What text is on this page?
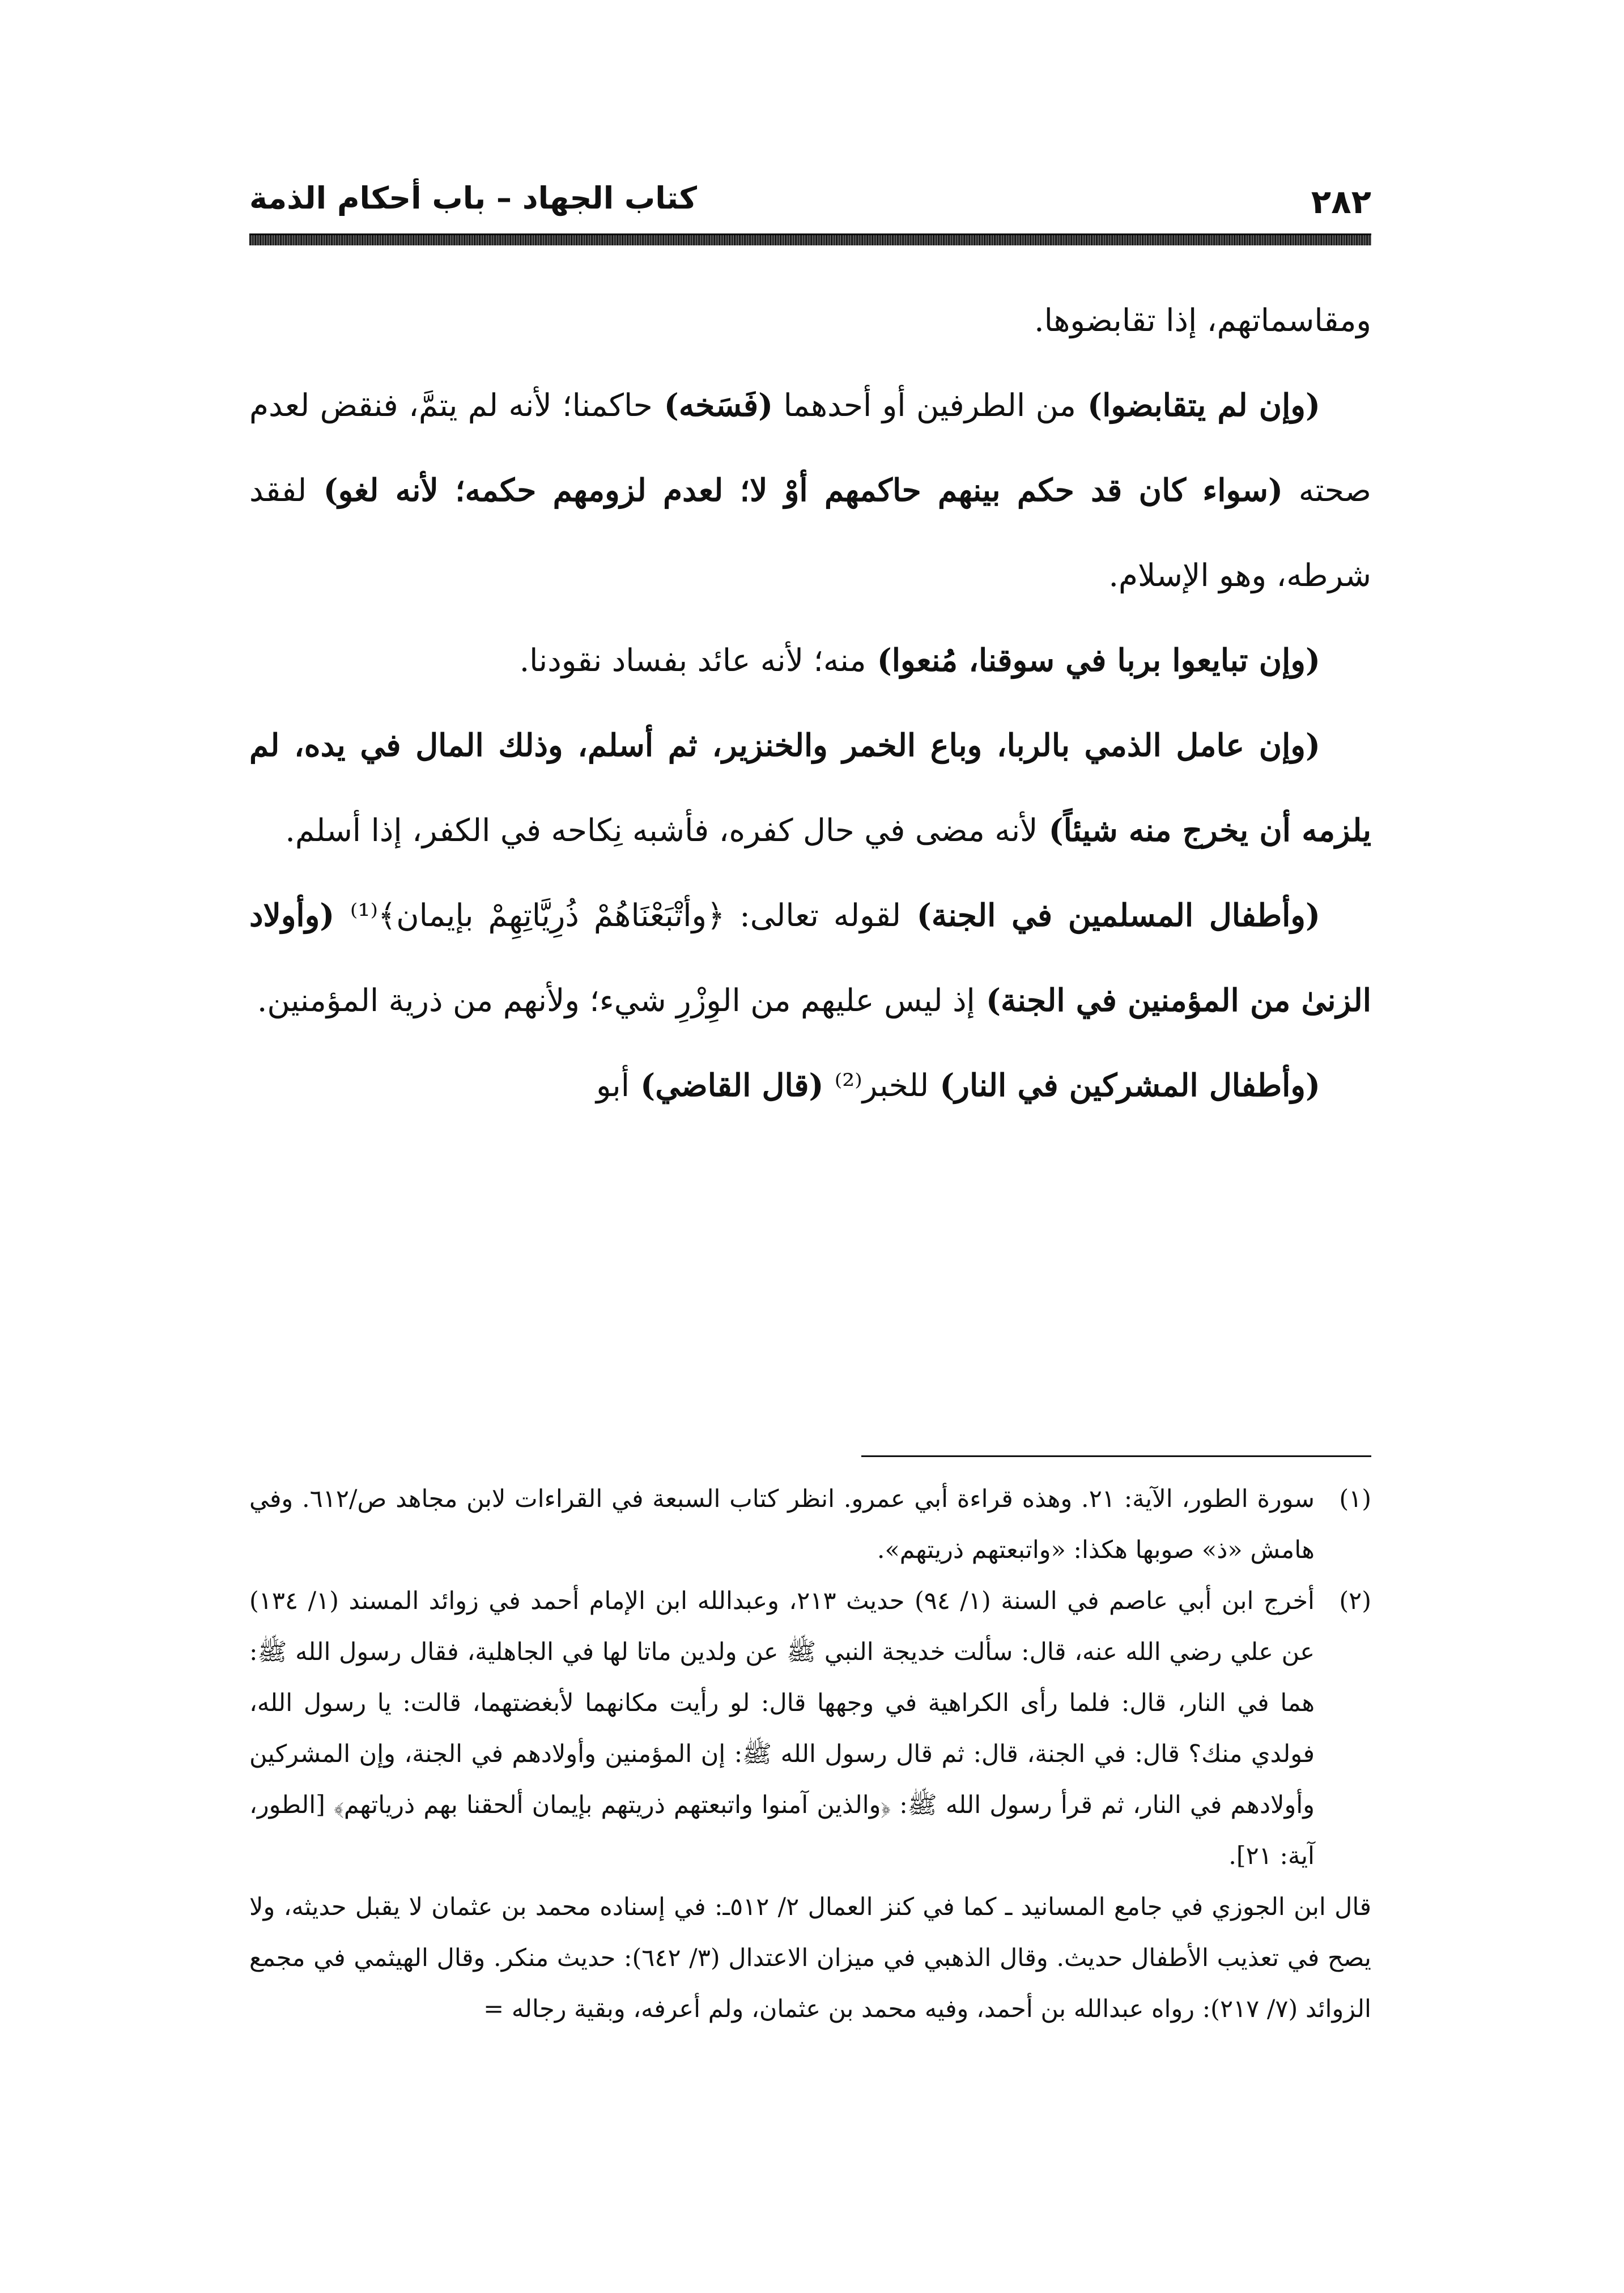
٢٨٢
كتاب الجهاد – باب أحكام الذمة

ومقاسماتهم، إذا تقابضوها.

(وإن لم يتقابضوا) من الطرفين أو أحدهما (فَسَخه) حاكمنا؛ لأنه لم يتمَّ، فنقض لعدم صحته (سواء كان قد حكم بينهم حاكمهم أوْ لا؛ لعدم لزومهم حكمه؛ لأنه لغو) لفقد شرطه، وهو الإسلام.

(وإن تبايعوا بربا في سوقنا، مُنعوا) منه؛ لأنه عائد بفساد نقودنا.

(وإن عامل الذمي بالربا، وباع الخمر والخنزير، ثم أسلم، وذلك المال في يده، لم يلزمه أن يخرج منه شيئاً) لأنه مضى في حال كفره، فأشبه نِكاحه في الكفر، إذا أسلم.

(وأطفال المسلمين في الجنة) لقوله تعالى: ﴿وأتْبَعْنَاهُمْ ذُرِيَّاتِهِمْ بإيمان﴾⁽¹⁾ (وأولاد الزنىٰ من المؤمنين في الجنة) إذ ليس عليهم من الوِزْرِ شيء؛ ولأنهم من ذرية المؤمنين.

(وأطفال المشركين في النار) للخبر⁽²⁾ (قال القاضي) أبو

(١)
سورة الطور، الآية: ٢١. وهذه قراءة أبي عمرو. انظر كتاب السبعة في القراءات لابن مجاهد ص/٦١٢. وفي هامش «ذ» صوبها هكذا: «واتبعتهم ذريتهم».
(٢)
أخرج ابن أبي عاصم في السنة (١/ ٩٤) حديث ٢١٣، وعبدالله ابن الإمام أحمد في زوائد المسند (١/ ١٣٤) عن علي رضي الله عنه، قال: سألت خديجة النبي ﷺ عن ولدين ماتا لها في الجاهلية، فقال رسول الله ﷺ: هما في النار، قال: فلما رأى الكراهية في وجهها قال: لو رأيت مكانهما لأبغضتهما، قالت: يا رسول الله، فولدي منك؟ قال: في الجنة، قال: ثم قال رسول الله ﷺ: إن المؤمنين وأولادهم في الجنة، وإن المشركين وأولادهم في النار، ثم قرأ رسول الله ﷺ: ﴿والذين آمنوا واتبعتهم ذريتهم بإيمان ألحقنا بهم ذرياتهم﴾ [الطور، آية: ٢١].

قال ابن الجوزي في جامع المسانيد ـ كما في كنز العمال ٢/ ٥١٢ـ: في إسناده محمد بن عثمان لا يقبل حديثه، ولا يصح في تعذيب الأطفال حديث. وقال الذهبي في ميزان الاعتدال (٣/ ٦٤٢): حديث منكر. وقال الهيثمي في مجمع الزوائد (٧/ ٢١٧): رواه عبدالله بن أحمد، وفيه محمد بن عثمان، ولم أعرفه، وبقية رجاله =
